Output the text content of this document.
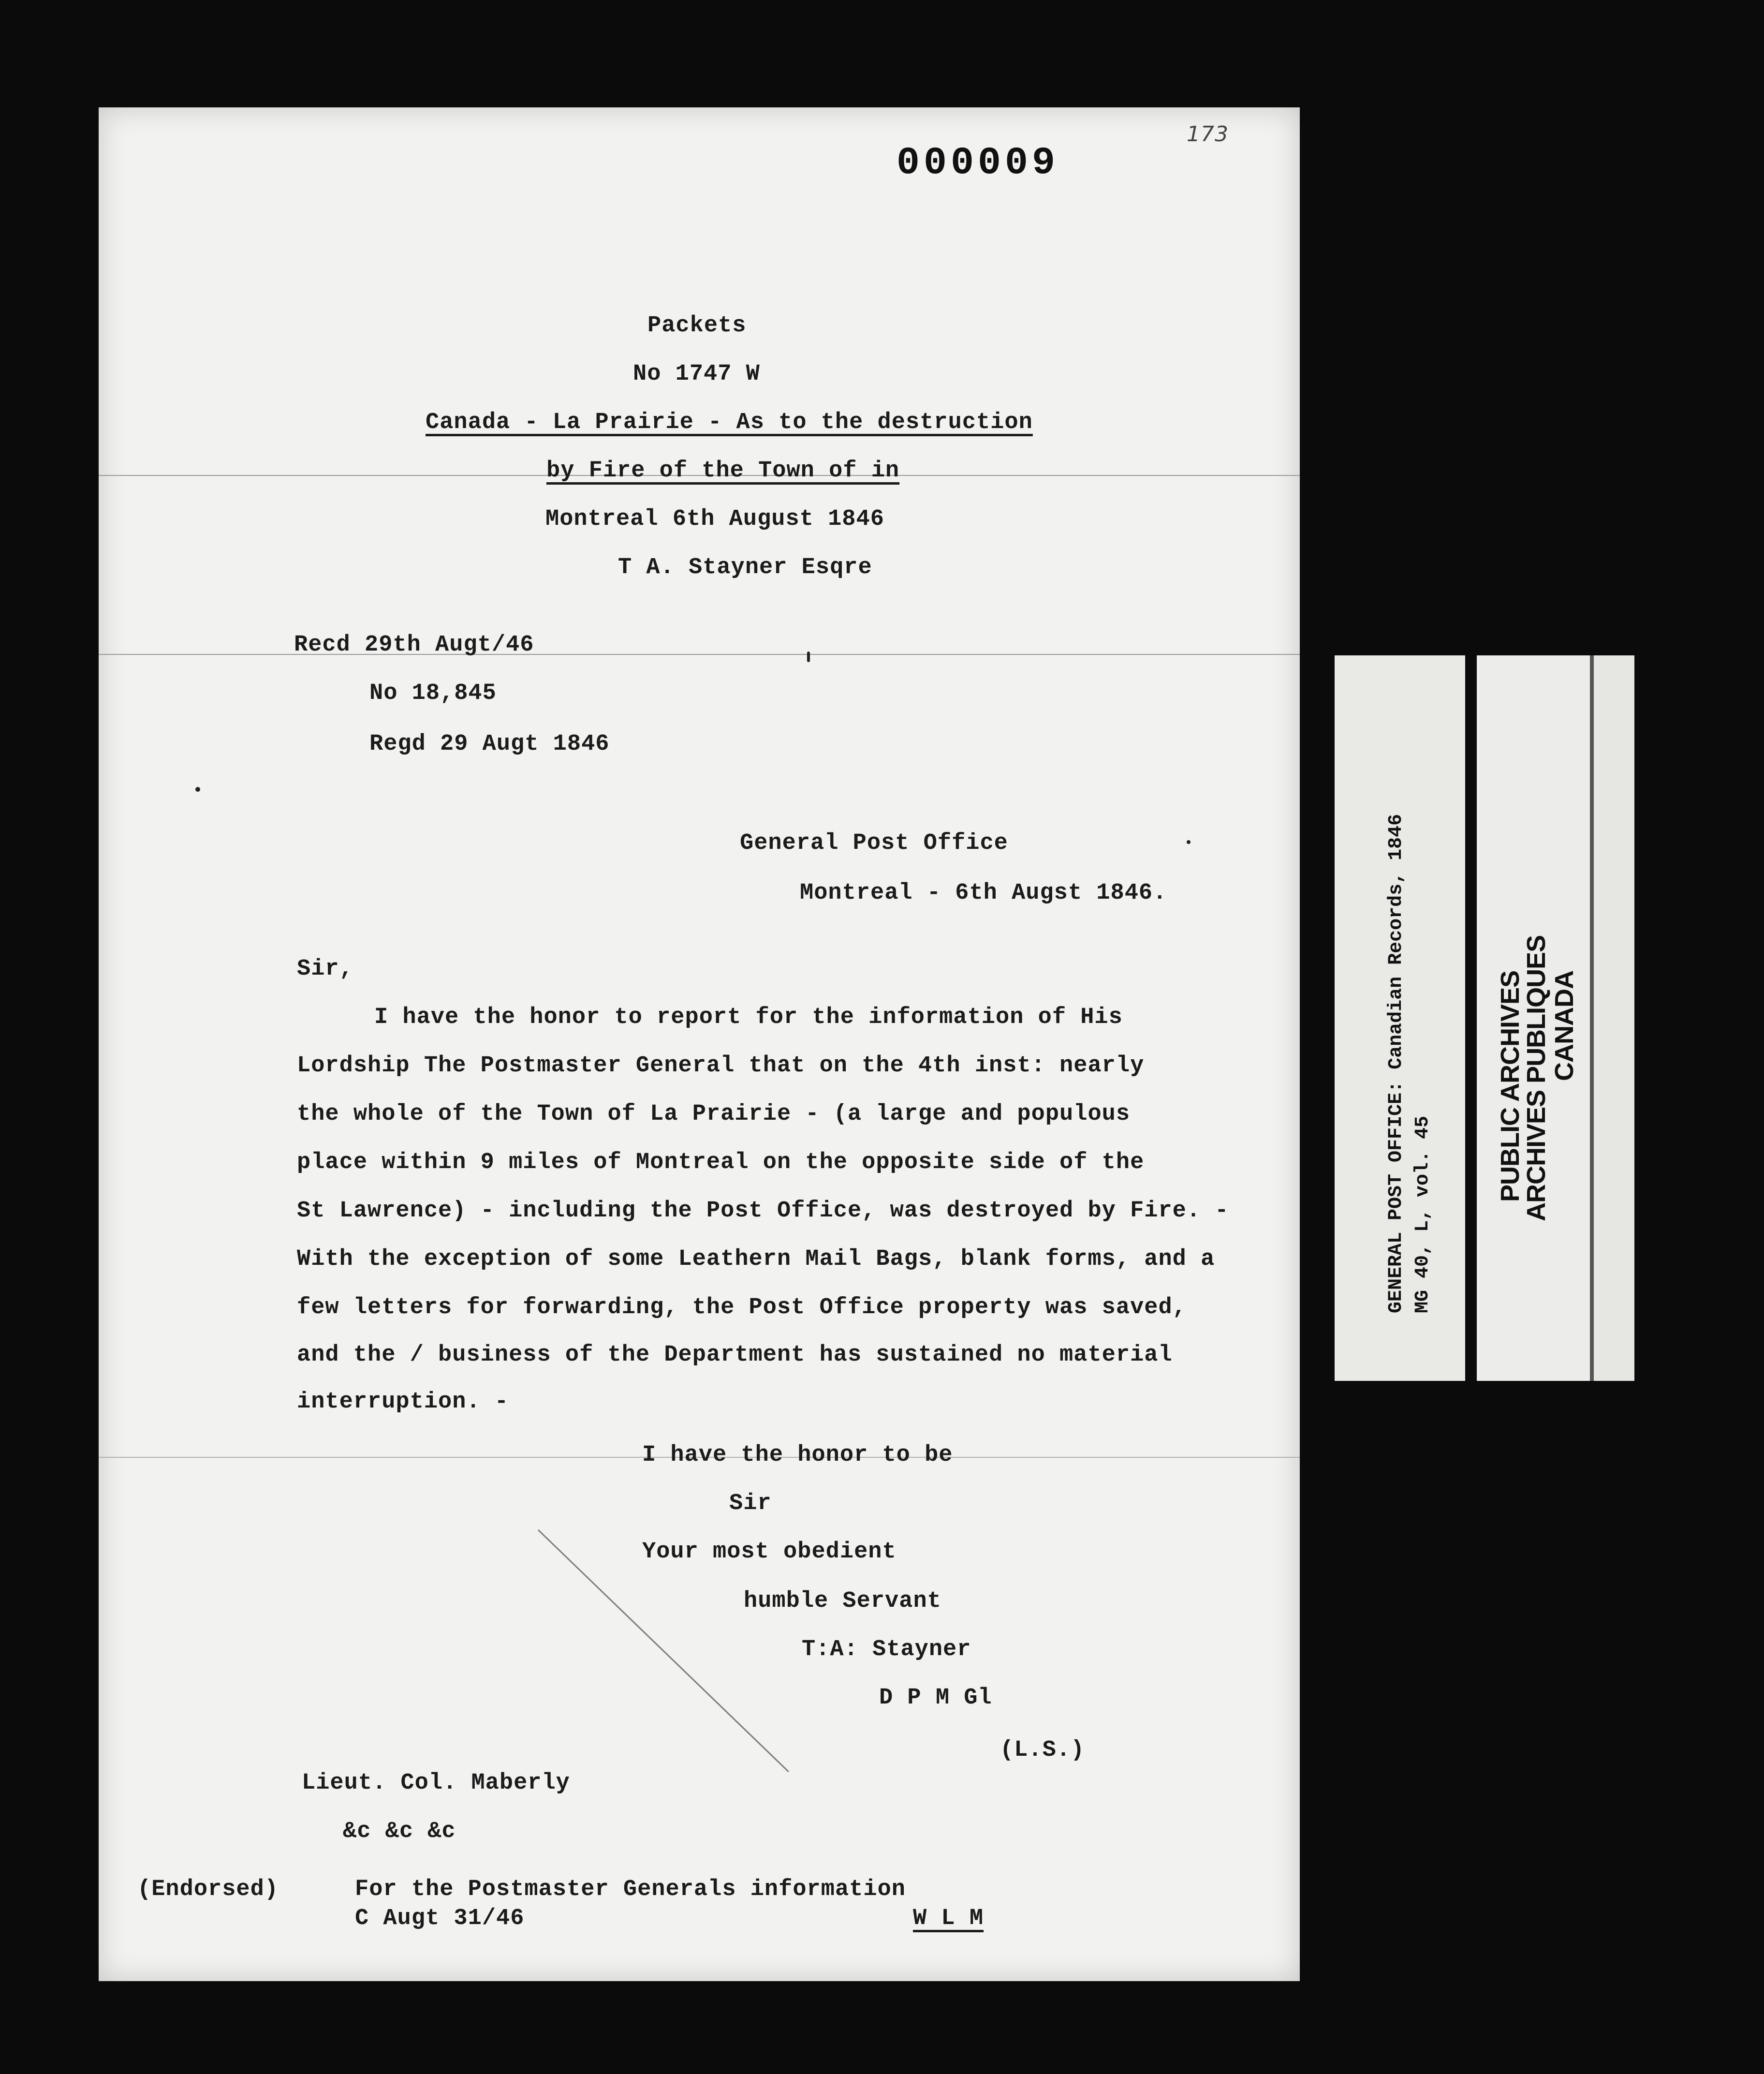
000009
173
Packets
No 1747 W
Canada - La Prairie - As to the destruction
by Fire of the Town of in
Montreal 6th August 1846
T A. Stayner Esqre
Recd 29th Augt/46
No 18,845
Regd 29 Augt 1846
General Post Office
Montreal - 6th Augst 1846.
Sir,
I have the honor to report for the information of His
Lordship The Postmaster General that on the 4th inst: nearly
the whole of the Town of La Prairie - (a large and populous
place within 9 miles of Montreal on the opposite side of the
St Lawrence) - including the Post Office, was destroyed by Fire. -
With the exception of some Leathern Mail Bags, blank forms, and a
few letters for forwarding, the Post Office property was saved,
and the / business of the Department has sustained no material
interruption. -
I have the honor to be
Sir
Your most obedient
humble Servant
T:A: Stayner
D P M Gl
(L.S.)
Lieut. Col. Maberly
&c &c &c
(Endorsed)	For the Postmaster Generals information
C Augt 31/46	W L M
GENERAL POST OFFICE: Canadian Records, 1846 MG 40, L, vol. 45
PUBLIC ARCHIVES
ARCHIVES PUBLIQUES
CANADA
